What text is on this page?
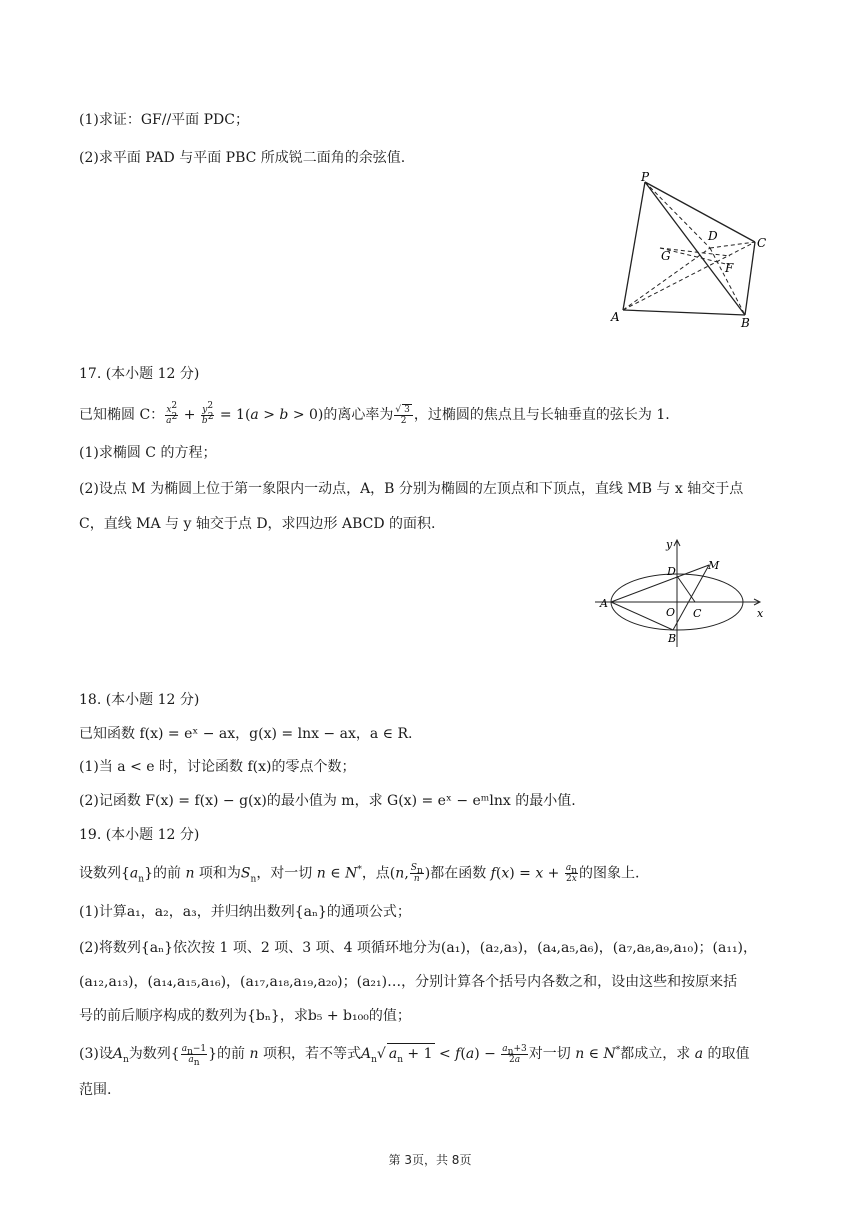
(1)求证：GF//平面 PDC；
(2)求平面 PAD 与平面 PBC 所成锐二面角的余弦值.
P
D	C
G
F
A	B
17. (本小题 12 分)
已知椭圆 C： $\frac{x^2}{a^2} + \frac{y^2}{b^2} = 1(a > b > 0)$的离心率为 $\frac{√ 3}{2}$ ，过椭圆的焦点且与长轴垂直的弦长为 1.
(1)求椭圆 C 的方程；
(2)设点 M 为椭圆上位于第一象限内一动点，A，B 分别为椭圆的左顶点和下顶点，直线 MB 与 x 轴交于点
C，直线 MA 与 y 轴交于点 D，求四边形 ABCD 的面积.
y
x
M
D
A
O C
B
18. (本小题 12 分)
已知函数 f(x) = eˣ − ax，g(x) = lnx − ax，a ∈ R.
(1)当 a < e 时，讨论函数 f(x)的零点个数；
(2)记函数 F(x) = f(x) − g(x)的最小值为 m，求 G(x) = eˣ − eᵐlnx 的最小值.
19. (本小题 12 分)
设数列$\{a_n\}$的前 n 项和为$S_n$，对一切 n ∈ N*，点(n, $\frac{S_n}{n}$ )都在函数 $f(x) = x + \frac{a_n}{2x}$ 的图象上.
(1)计算a₁，a₂，a₃，并归纳出数列{aₙ}的通项公式；
(2)将数列{aₙ}依次按 1 项、2 项、3 项、4 项循环地分为(a₁)，(a₂,a₃)，(a₄,a₅,a₆)，(a₇,a₈,a₉,a₁₀)；(a₁₁)，
(a₁₂,a₁₃)，(a₁₄,a₁₅,a₁₆)，(a₁₇,a₁₈,a₁₉,a₂₀)；(a₂₁)…，分别计算各个括号内各数之和，设由这些和按原来括
号的前后顺序构成的数列为{bₙ}，求b₅ + b₁₀₀的值；
(3)设$A_n$为数列{ $\frac{a_n-1}{a_n}$ }的前 n 项积，若不等式$A_n√$ $a_n + 1 < f(a) - \frac{a_n+3}{2a}$ 对一切 n ∈ N*都成立，求 a 的取值
范围.
第 3页，共 8页
